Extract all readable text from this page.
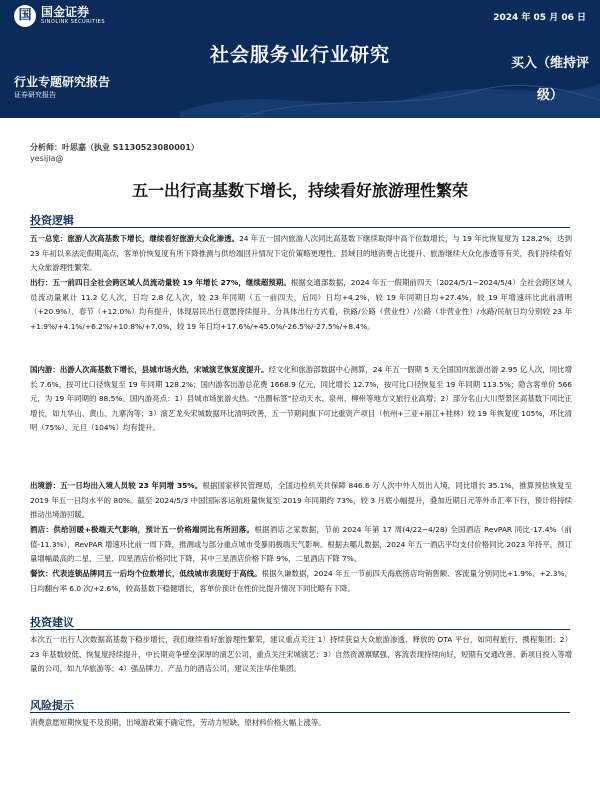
国 国金证券
SINOLINK SECURITIES	2024 年 05 月 06 日
社会服务业行业研究	买入（维持评
级）
行业专题研究报告
证券研究报告
分析师：叶思嘉（执业 S1130523080001）
yesijia@
五一出行高基数下增长，持续看好旅游理性繁荣
投资逻辑
五一总览：旅游人次高基数下增长，继续看好旅游大众化渗透。24 年五一国内旅游人次同比高基数下继续取得中高个位数增长，与 19 年比恢复度为 128.2%，达到 23 年初以来法定假期高点，客单价恢复度有所下降推测与供给端回升情况下定价策略更理性、县域目的地消费占比提升、旅游继续大众化渗透等有关，我们持续看好大众旅游理性繁荣。
出行：五一前四日全社会跨区域人员流动量较 19 年增长 27%，继续超预期。根据交通部数据，2024 年五一假期前四天（2024/5/1~2024/5/4）全社会跨区域人员流动量累计 11.2 亿人次，日均 2.8 亿人次，较 23 年同期（五一前四天，后同）日均+4.2%，较 19 年同期日均+27.4%，较 19 年增速环比此前清明（+20.9%）、春节（+12.0%）均有提升，体现居民出行意愿持续提升。分具体出行方式看，铁路/公路（营业性）/公路（非营业性）/水路/民航日均分别较 23 年+1.9%/+4.1%/+6.2%/+10.8%/+7.0%，较 19 年日均+17.6%/+45.0%/-26.5%/-27.5%/+8.4%。
国内游：出游人次高基数下增长，县城市场火热，宋城演艺恢复度提升。经文化和旅游部数据中心测算，24 年五一假期 5 天全国国内旅游出游 2.95 亿人次，同比增长 7.6%，按可比口径恢复至 19 年同期 128.2%；国内游客出游总花费 1668.9 亿元，同比增长 12.7%，按可比口径恢复至 19 年同期 113.5%；隐含客单价 566 元，为 19 年同期的 88.5%。国内游亮点：1）县城市场旅游火热。“出圈标签”拉动天水、泉州、柳州等地方文旅行业高增；2）部分名山大川型景区高基数下同比正增长，如九华山、黄山、九寨沟等；3）演艺龙头宋城数据环比清明改善，五一节期间旗下可比重资产项目（杭州+三亚+丽江+桂林）较 19 年恢复度 105%，环比清明（75%）、元旦（104%）均有提升。
出境游：五一日均出入境人员较 23 年同增 35%。根据国家移民管理局，全国边检机关共保障 846.6 万人次中外人员出入境，同比增长 35.1%，推算预估恢复至 2019 年五一日均水平的 80%。截至 2024/5/3 中国国际客运航班量恢复至 2019 年同期约 73%，较 3 月底小幅提升，叠加近期日元等外币汇率下行，预计将持续推动出境游回暖。
酒店：供给回暖+极端天气影响，预计五一价格端同比有所回落。根据酒店之家数据，节前 2024 年第 17 周(4/22~4/28) 全国酒店 RevPAR 同比-17.4%（前值-11.3%），RevPAR 增速环比前一周下降，推测或与部分重点城市受暴雨极端天气影响。根据去哪儿数据，2024 年五一酒店平均支付价格同比 2023 年持平，预订量增幅最高的二星、三星、四星酒店价格同比下降，其中三星酒店价格下降 9%，二星酒店下降 7%。
餐饮：代表连锁品牌同五一后均个位数增长，低线城市表现好于高线。根据久谦数据，2024 年五一节前四天海底捞店均销售额、客流量分别同比+1.9%、+2.3%，日均翻台率 6.0 次/+2.6%，较高基数下稳健增长，客单价预计在性价比提升情况下同比略有下降。
投资建议
本次五一出行人次数据高基数下稳步增长，我们继续看好旅游理性繁荣，建议重点关注 1）持续获益大众旅游渗透、释放的 OTA 平台，如同程旅行、携程集团；2）23 年基数较低、恢复度持续提升，中长期竞争壁垒深厚的演艺公司，重点关注宋城演艺；3）自然资源禀赋强、客流表现持续向好，短期有交通改善、新项目投入等增量的公司，如九华旅游等；4）强品牌力、产品力的酒店公司，建议关注华住集团。
风险提示
消费意愿短期恢复不及预期，出境游政策不确定性，劳动力短缺，原材料价格大幅上涨等。
